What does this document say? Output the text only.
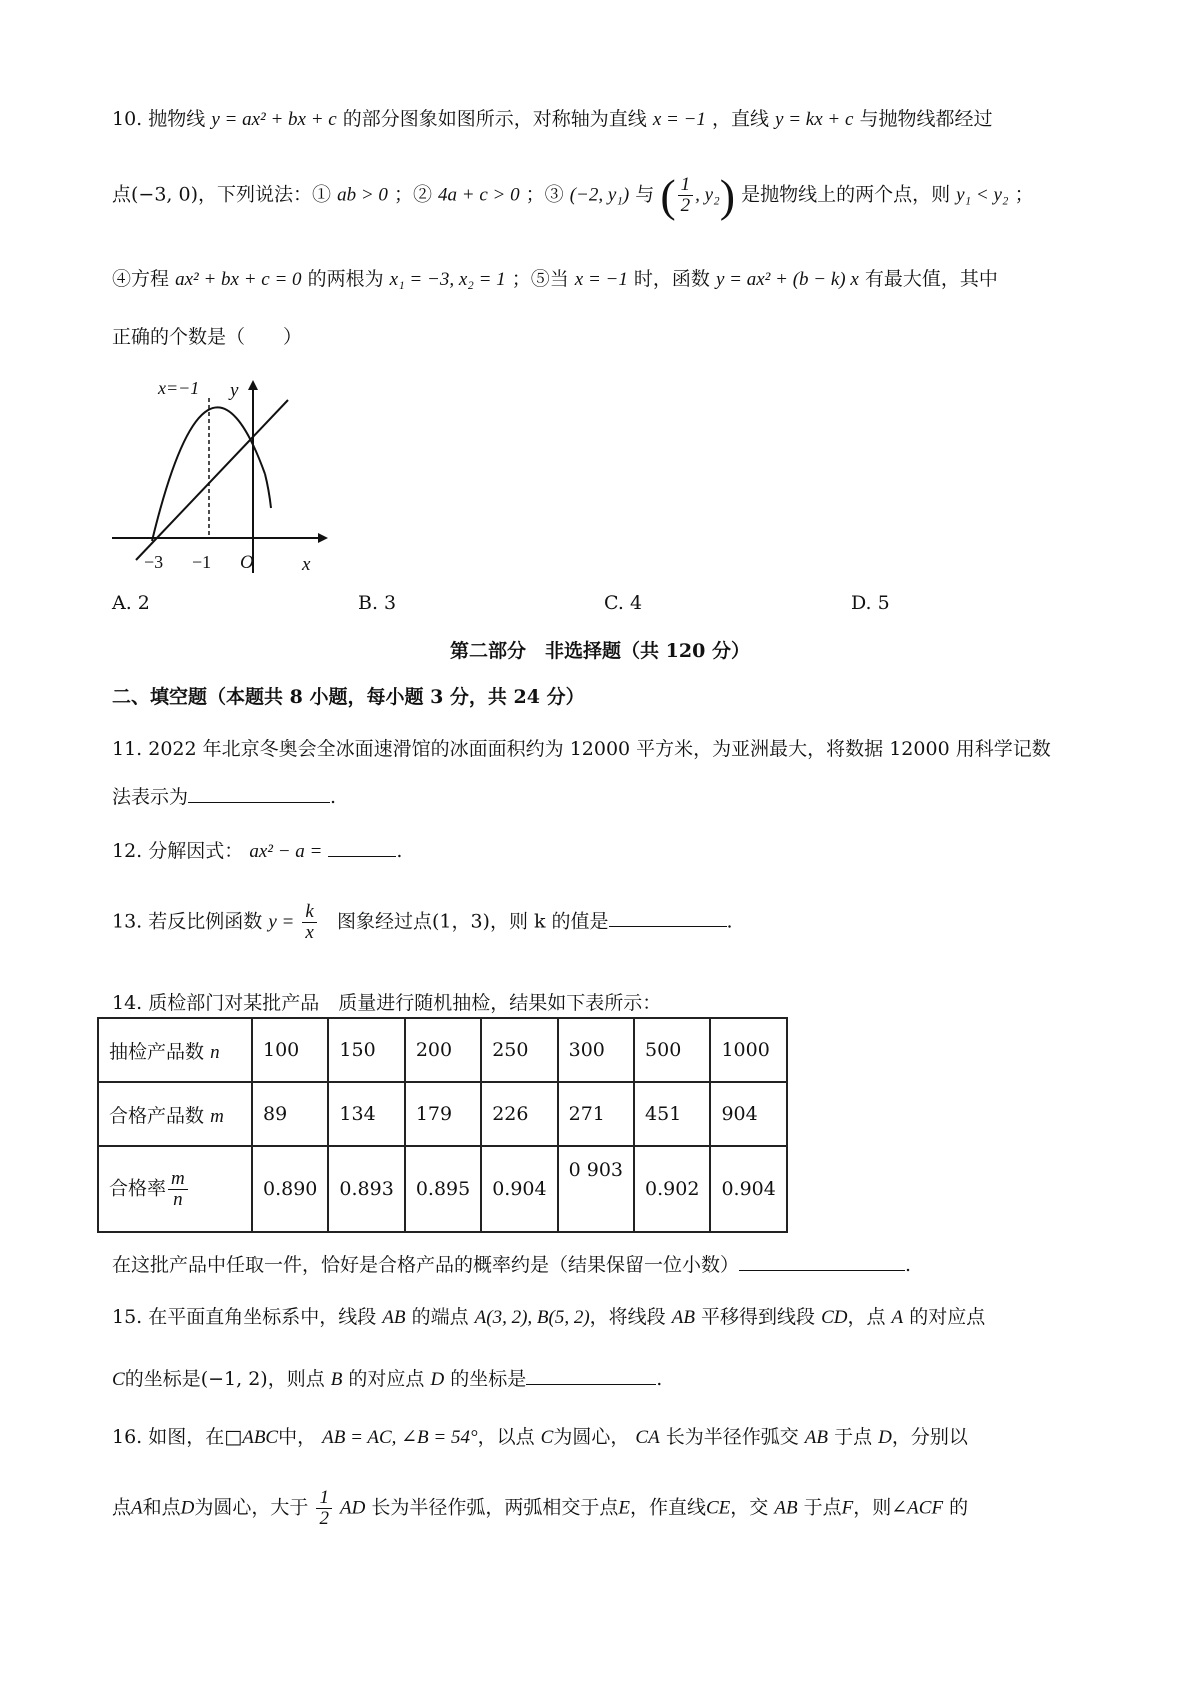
10. 抛物线 y = ax² + bx + c 的部分图象如图所示，对称轴为直线 x = −1 ，直线 y = kx + c 与抛物线都经过
点(−3, 0)，下列说法：① ab > 0 ；② 4a + c > 0 ；③ (−2, y₁) 与 ( $\frac{1}{2}$ , y₂) 是抛物线上的两个点，则 y₁ < y₂ ；
④方程 ax² + bx + c = 0 的两根为 x₁ = −3, x₂ = 1 ；⑤当 x = −1 时，函数 y = ax² + (b − k) x 有最大值，其中
正确的个数是（　　）
x=−1 y
x
O
−3 −1
A. 2	B. 3	C. 4	D. 5
第二部分　非选择题（共 120 分）
二、填空题（本题共 8 小题，每小题 3 分，共 24 分）
11. 2022 年北京冬奥会全冰面速滑馆的冰面面积约为 12000 平方米，为亚洲最大，将数据 12000 用科学记数
法表示为	.
12. 分解因式： ax² − a =	.
13. 若反比例函数 $y = \frac{k}{x}$ 图象经过点(1，3)，则 k 的值是	.
14. 质检部门对某批产品　质量进行随机抽检，结果如下表所示：
抽检产品数 n	100	150	200	250	300	500	1000
合格产品数 m	89	134	179	226	271	451	904
合格率 $\frac{m}{n}$	0.890	0.893	0.895	0.904	0 903	0.902	0.904
在这批产品中任取一件，恰好是合格产品的概率约是（结果保留一位小数）	.
15. 在平面直角坐标系中，线段 AB 的端点 A(3, 2), B(5, 2)，将线段 AB 平移得到线段 CD，点 A 的对应点
C的坐标是(−1, 2)，则点 B 的对应点 D 的坐标是	.
16. 如图，在□ABC中， AB = AC, ∠B = 54°，以点 C为圆心， CA 长为半径作弧交 AB 于点 D，分别以
点A和点D为圆心，大于 $\frac{1}{2}$ AD 长为半径作弧，两弧相交于点E，作直线CE，交 AB 于点F，则∠ACF 的
